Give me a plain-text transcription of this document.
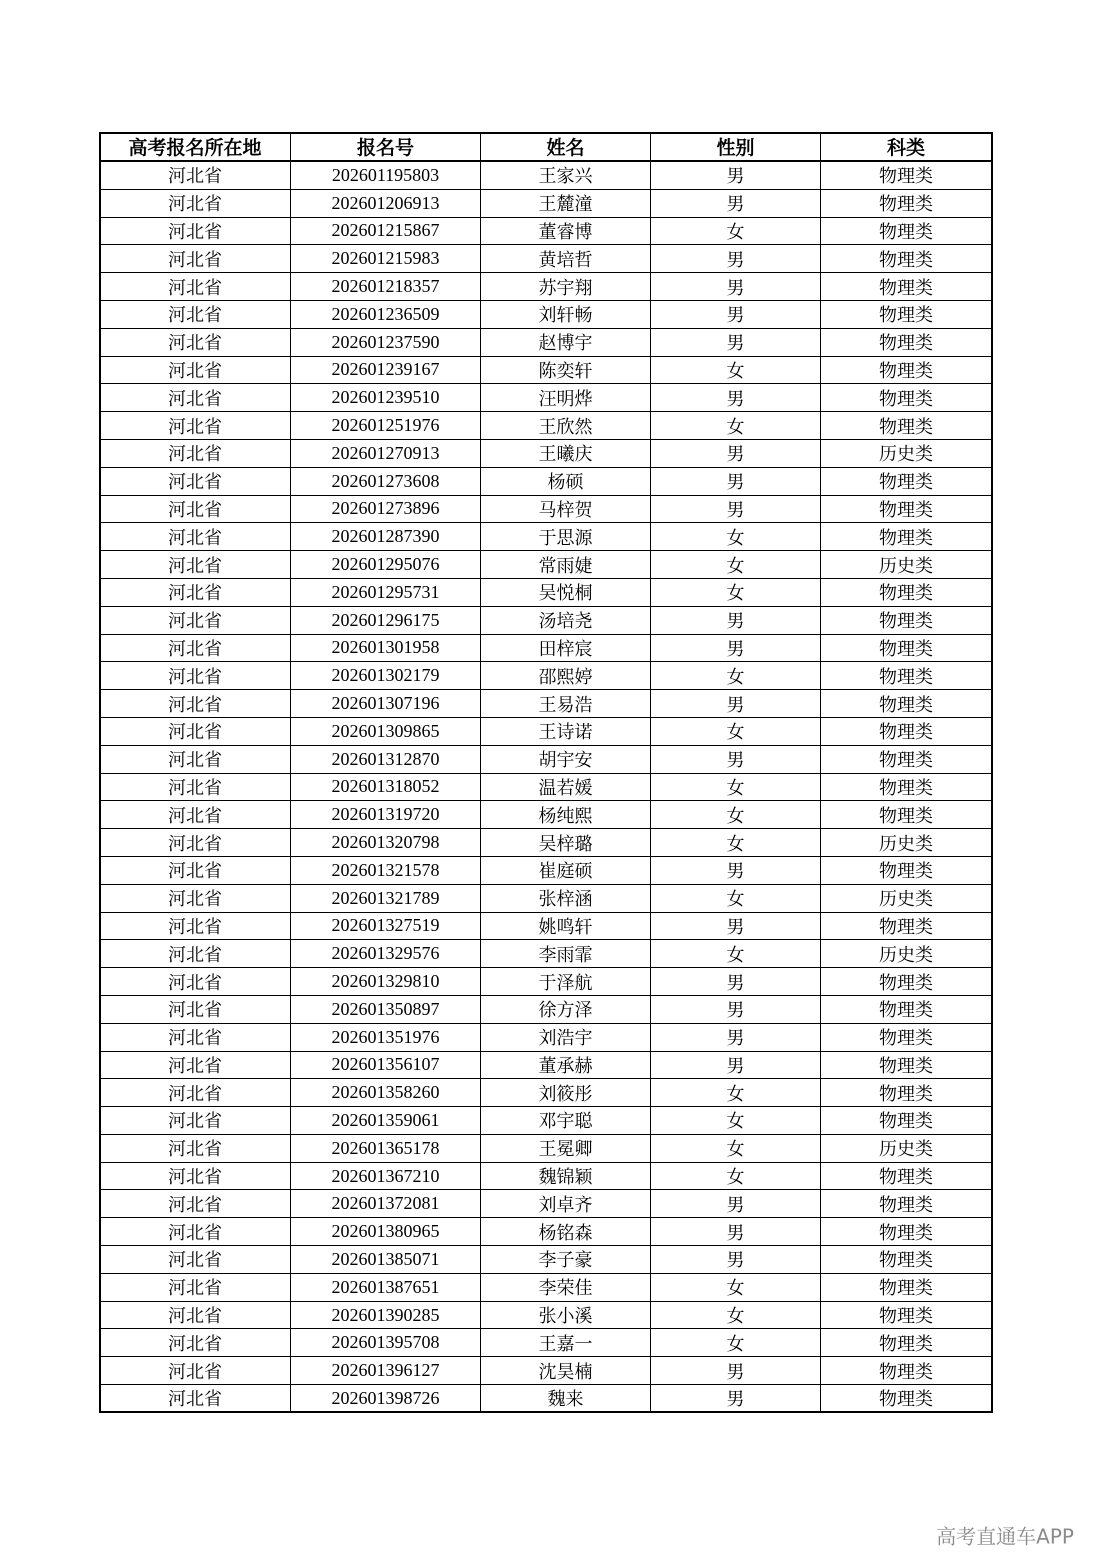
高考报名所在地	报名号	姓名	性别	科类
河北省	202601195803	王家兴	男	物理类
河北省	202601206913	王麓潼	男	物理类
河北省	202601215867	董睿博	女	物理类
河北省	202601215983	黄培哲	男	物理类
河北省	202601218357	苏宇翔	男	物理类
河北省	202601236509	刘轩畅	男	物理类
河北省	202601237590	赵博宇	男	物理类
河北省	202601239167	陈奕轩	女	物理类
河北省	202601239510	汪明烨	男	物理类
河北省	202601251976	王欣然	女	物理类
河北省	202601270913	王曦庆	男	历史类
河北省	202601273608	杨硕	男	物理类
河北省	202601273896	马梓贺	男	物理类
河北省	202601287390	于思源	女	物理类
河北省	202601295076	常雨婕	女	历史类
河北省	202601295731	吴悦桐	女	物理类
河北省	202601296175	汤培尧	男	物理类
河北省	202601301958	田梓宸	男	物理类
河北省	202601302179	邵熙婷	女	物理类
河北省	202601307196	王易浩	男	物理类
河北省	202601309865	王诗诺	女	物理类
河北省	202601312870	胡宇安	男	物理类
河北省	202601318052	温若媛	女	物理类
河北省	202601319720	杨纯熙	女	物理类
河北省	202601320798	吴梓璐	女	历史类
河北省	202601321578	崔庭硕	男	物理类
河北省	202601321789	张梓涵	女	历史类
河北省	202601327519	姚鸣轩	男	物理类
河北省	202601329576	李雨霏	女	历史类
河北省	202601329810	于泽航	男	物理类
河北省	202601350897	徐方泽	男	物理类
河北省	202601351976	刘浩宇	男	物理类
河北省	202601356107	董承赫	男	物理类
河北省	202601358260	刘筱彤	女	物理类
河北省	202601359061	邓宇聪	女	物理类
河北省	202601365178	王冕卿	女	历史类
河北省	202601367210	魏锦颖	女	物理类
河北省	202601372081	刘卓齐	男	物理类
河北省	202601380965	杨铭森	男	物理类
河北省	202601385071	李子豪	男	物理类
河北省	202601387651	李荣佳	女	物理类
河北省	202601390285	张小溪	女	物理类
河北省	202601395708	王嘉一	女	物理类
河北省	202601396127	沈昊楠	男	物理类
河北省	202601398726	魏来	男	物理类
高考直通车APP
